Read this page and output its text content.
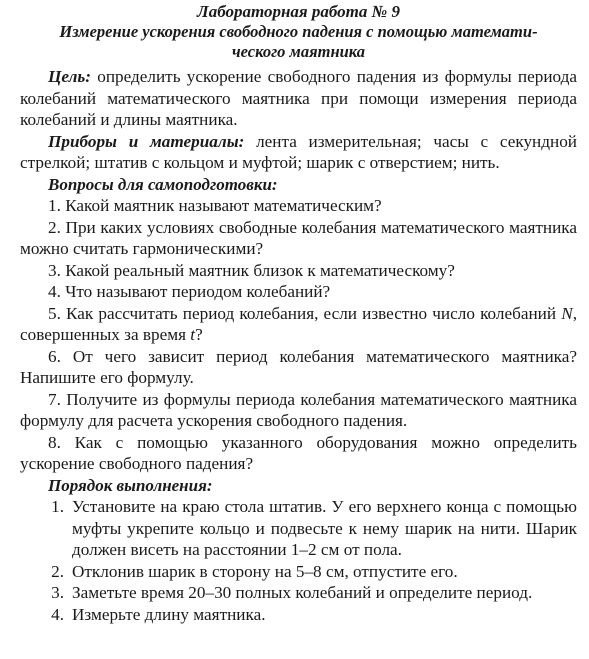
Лабораторная работа № 9

Измерение ускорения свободного падения с помощью математи-
ческого маятника

Цель: определить ускорение свободного падения из формулы периода колебаний математического маятника при помощи измерения периода колебаний и длины маятника.

Приборы и материалы: лента измерительная; часы с секундной стрелкой; штатив с кольцом и муфтой; шарик с отверстием; нить.

Вопросы для самоподготовки:

1. Какой маятник называют математическим?
2. При каких условиях свободные колебания математического маятника можно считать гармоническими?
3. Какой реальный маятник близок к математическому?
4. Что называют периодом колебаний?
5. Как рассчитать период колебания, если известно число колебаний N, совершенных за время t?
6. От чего зависит период колебания математического маятника? Напишите его формулу.
7. Получите из формулы периода колебания математического маятника формулу для расчета ускорения свободного падения.
8. Как с помощью указанного оборудования можно определить ускорение свободного падения?

Порядок выполнения:

1. Установите на краю стола штатив. У его верхнего конца с помощью муфты укрепите кольцо и подвесьте к нему шарик на нити. Шарик должен висеть на расстоянии 1–2 см от пола.
2. Отклонив шарик в сторону на 5–8 см, отпустите его.
3. Заметьте время 20–30 полных колебаний и определите период.
4. Измерьте длину маятника.
